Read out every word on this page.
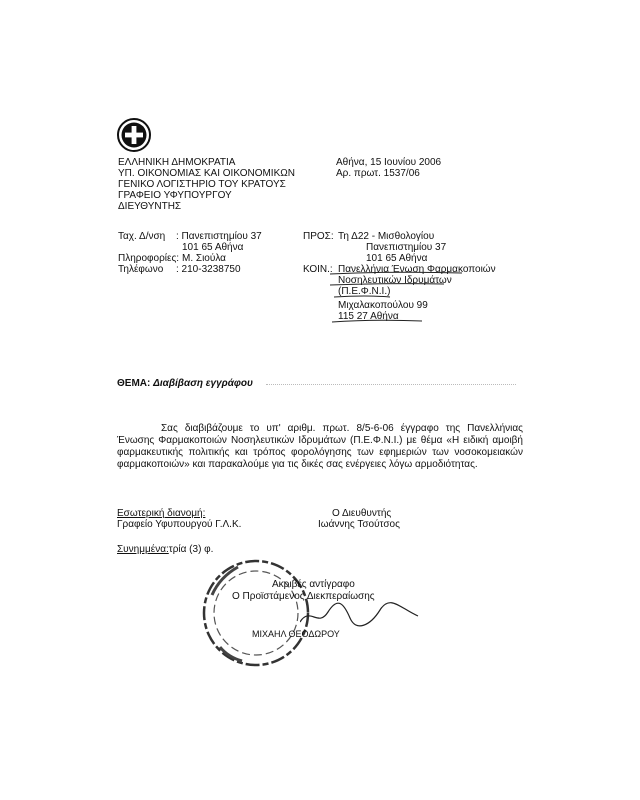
ΕΛΛΗΝΙΚΗ ΔΗΜΟΚΡΑΤΙΑ
ΥΠ. ΟΙΚΟΝΟΜΙΑΣ ΚΑΙ ΟΙΚΟΝΟΜΙΚΩΝ
ΓΕΝΙΚΟ ΛΟΓΙΣΤΗΡΙΟ ΤΟΥ ΚΡΑΤΟΥΣ
ΓΡΑΦΕΙΟ ΥΦΥΠΟΥΡΓΟΥ
ΔΙΕΥΘΥΝΤΗΣ
Αθήνα, 15 Ιουνίου 2006
Αρ. πρωτ. 1537/06
Ταχ. Δ/νση : Πανεπιστημίου 37
101 65 Αθήνα
Πληροφορίες: Μ. Σιούλα
Τηλέφωνο : 210-3238750
ΠΡΟΣ: Τη Δ22 - Μισθολογίου
Πανεπιστημίου 37
101 65 Αθήνα
ΚΟΙΝ.: Πανελλήνια Ένωση Φαρμακοποιών
Νοσηλευτικών Ιδρυμάτων
(Π.Ε.Φ.Ν.Ι.)
Μιχαλακοπούλου 99
115 27 Αθήνα
ΘΕΜΑ: Διαβίβαση εγγράφου
Σας διαβιβάζουμε το υπ' αριθμ. πρωτ. 8/5-6-06 έγγραφο της Πανελλήνιας Ένωσης Φαρμακοποιών Νοσηλευτικών Ιδρυμάτων (Π.Ε.Φ.Ν.Ι.) με θέμα «Η ειδική αμοιβή φαρμακευτικής πολιτικής και τρόπος φορολόγησης των εφημεριών των νοσοκομειακών φαρμακοποιών» και παρακαλούμε για τις δικές σας ενέργειες λόγω αρμοδιότητας.
Εσωτερική διανομή:
Γραφείο Υφυπουργού Γ.Λ.Κ.
Ο Διευθυντής
Ιωάννης Τσούτσος
Συνημμένα:τρία (3) φ.
Ακριβές αντίγραφο
Ο Προϊστάμενος Διεκπεραίωσης
ΜΙΧΑΗΛ ΘΕΟΔΩΡΟΥ
